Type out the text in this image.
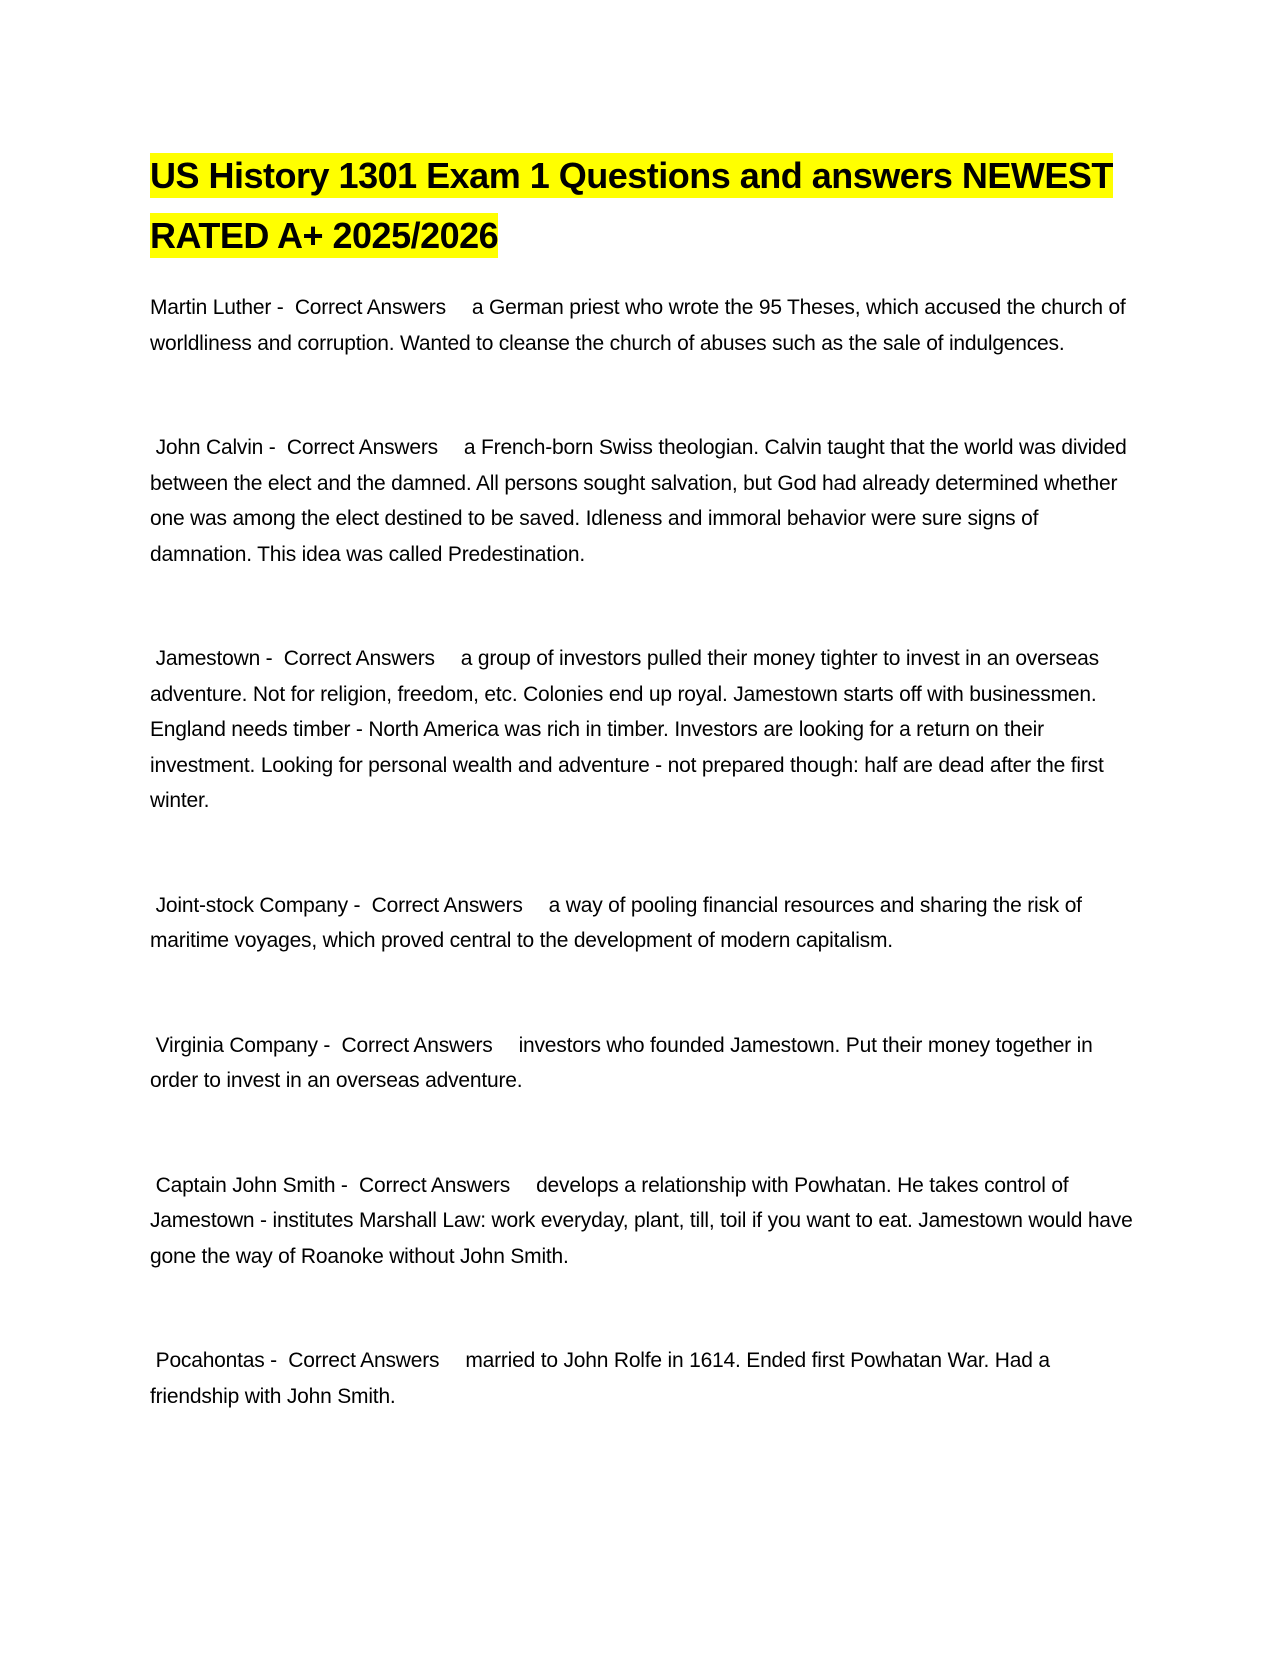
US History 1301 Exam 1 Questions and answers NEWEST RATED A+ 2025/2026

Martin Luther -  Correct Answers a German priest who wrote the 95 Theses, which accused the church of worldliness and corruption. Wanted to cleanse the church of abuses such as the sale of indulgences.

John Calvin -  Correct Answers a French-born Swiss theologian. Calvin taught that the world was divided between the elect and the damned. All persons sought salvation, but God had already determined whether one was among the elect destined to be saved. Idleness and immoral behavior were sure signs of damnation. This idea was called Predestination.

Jamestown -  Correct Answers a group of investors pulled their money tighter to invest in an overseas adventure. Not for religion, freedom, etc. Colonies end up royal. Jamestown starts off with businessmen. England needs timber - North America was rich in timber. Investors are looking for a return on their investment. Looking for personal wealth and adventure - not prepared though: half are dead after the first winter.

Joint-stock Company -  Correct Answers a way of pooling financial resources and sharing the risk of maritime voyages, which proved central to the development of modern capitalism.

Virginia Company -  Correct Answers investors who founded Jamestown. Put their money together in order to invest in an overseas adventure.

Captain John Smith -  Correct Answers develops a relationship with Powhatan. He takes control of Jamestown - institutes Marshall Law: work everyday, plant, till, toil if you want to eat. Jamestown would have gone the way of Roanoke without John Smith.

Pocahontas -  Correct Answers married to John Rolfe in 1614. Ended first Powhatan War. Had a friendship with John Smith.
